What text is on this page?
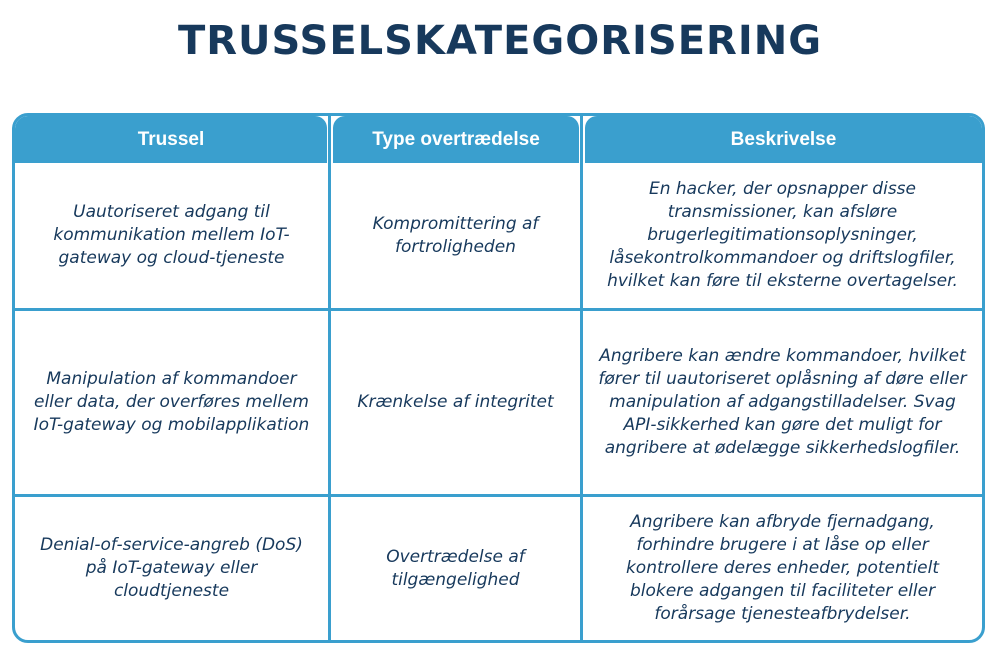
TRUSSELSKATEGORISERING
Trussel	Type overtrædelse	Beskrivelse
Uautoriseret adgang til kommunikation mellem IoT-gateway og cloud-tjeneste
Kompromittering af fortroligheden
En hacker, der opsnapper disse transmissioner, kan afsløre brugerlegitimationsoplysninger, låsekontrolkommandoer og driftslogfiler, hvilket kan føre til eksterne overtagelser.
Manipulation af kommandoer eller data, der overføres mellem IoT-gateway og mobilapplikation
Krænkelse af integritet
Angribere kan ændre kommandoer, hvilket fører til uautoriseret oplåsning af døre eller manipulation af adgangstilladelser. Svag API-sikkerhed kan gøre det muligt for angribere at ødelægge sikkerhedslogfiler.
Denial-of-service-angreb (DoS) på IoT-gateway eller cloudtjeneste
Overtrædelse af tilgængelighed
Angribere kan afbryde fjernadgang, forhindre brugere i at låse op eller kontrollere deres enheder, potentielt blokere adgangen til faciliteter eller forårsage tjenesteafbrydelser.
